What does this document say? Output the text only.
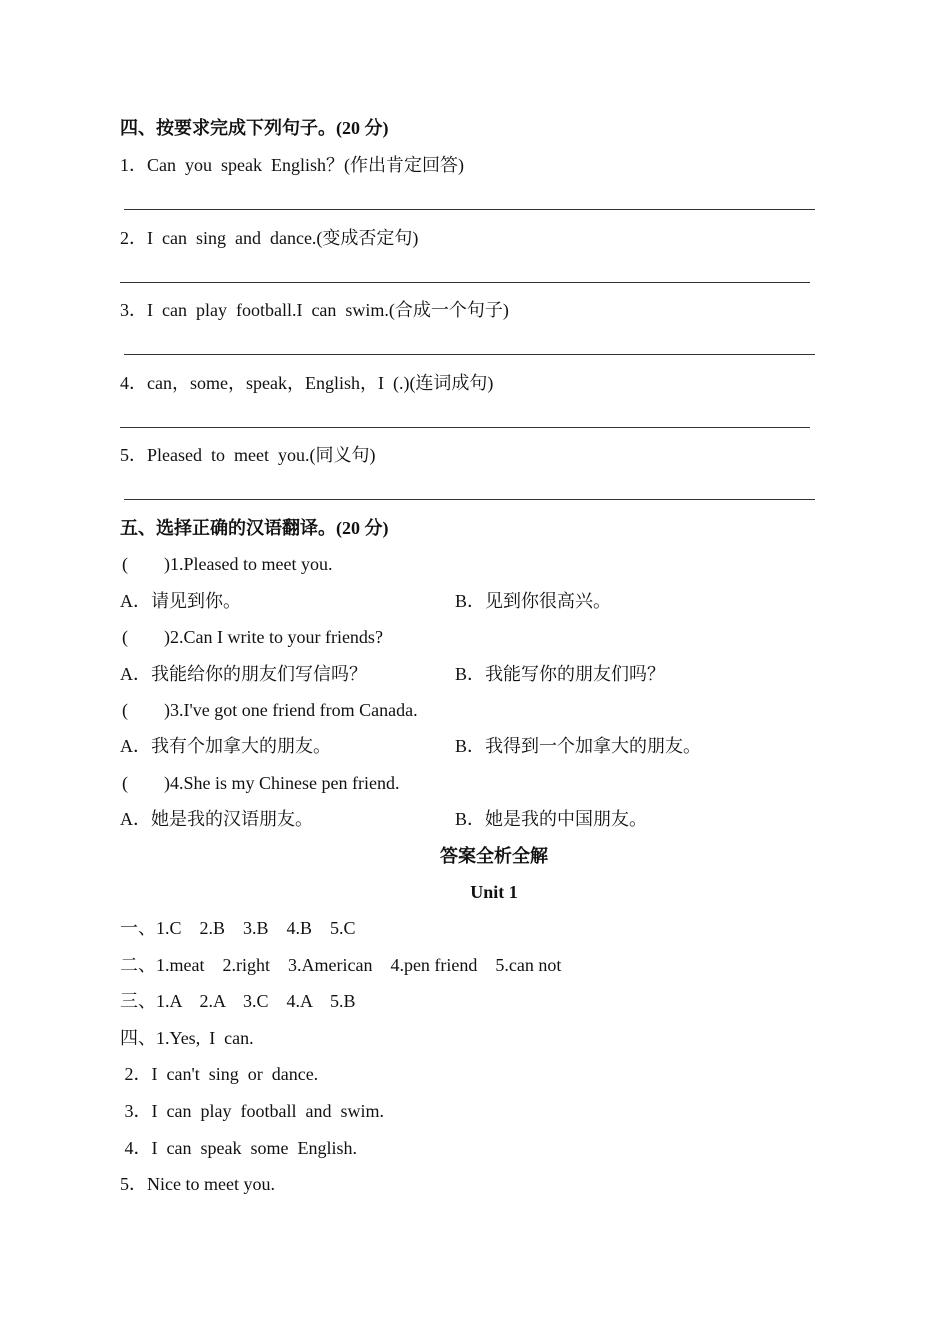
四、按要求完成下列句子。(20 分)
1．Can  you  speak  English？(作出肯定回答)
2．I  can  sing  and  dance.(变成否定句)
3．I  can  play  football.I  can  swim.(合成一个句子)
4．can，some，speak，English，I  (.)(连词成句)
5．Pleased  to  meet  you.(同义句)
五、选择正确的汉语翻译。(20 分)
(　　)1.Pleased to meet you.
A．请见到你。	B．见到你很高兴。
(　　)2.Can I write to your friends?
A．我能给你的朋友们写信吗？	B．我能写你的朋友们吗？
(　　)3.I've got one friend from Canada.
A．我有个加拿大的朋友。	B．我得到一个加拿大的朋友。
(　　)4.She is my Chinese pen friend.
A．她是我的汉语朋友。	B．她是我的中国朋友。
答案全析全解
Unit 1
一、1.C　2.B　3.B　4.B　5.C
二、1.meat　2.right　3.American　4.pen friend　5.can not
三、1.A　2.A　3.C　4.A　5.B
四、1.Yes,  I  can.
2．I  can't  sing  or  dance.
3．I  can  play  football  and  swim.
4．I  can  speak  some  English.
5．Nice to meet you.
